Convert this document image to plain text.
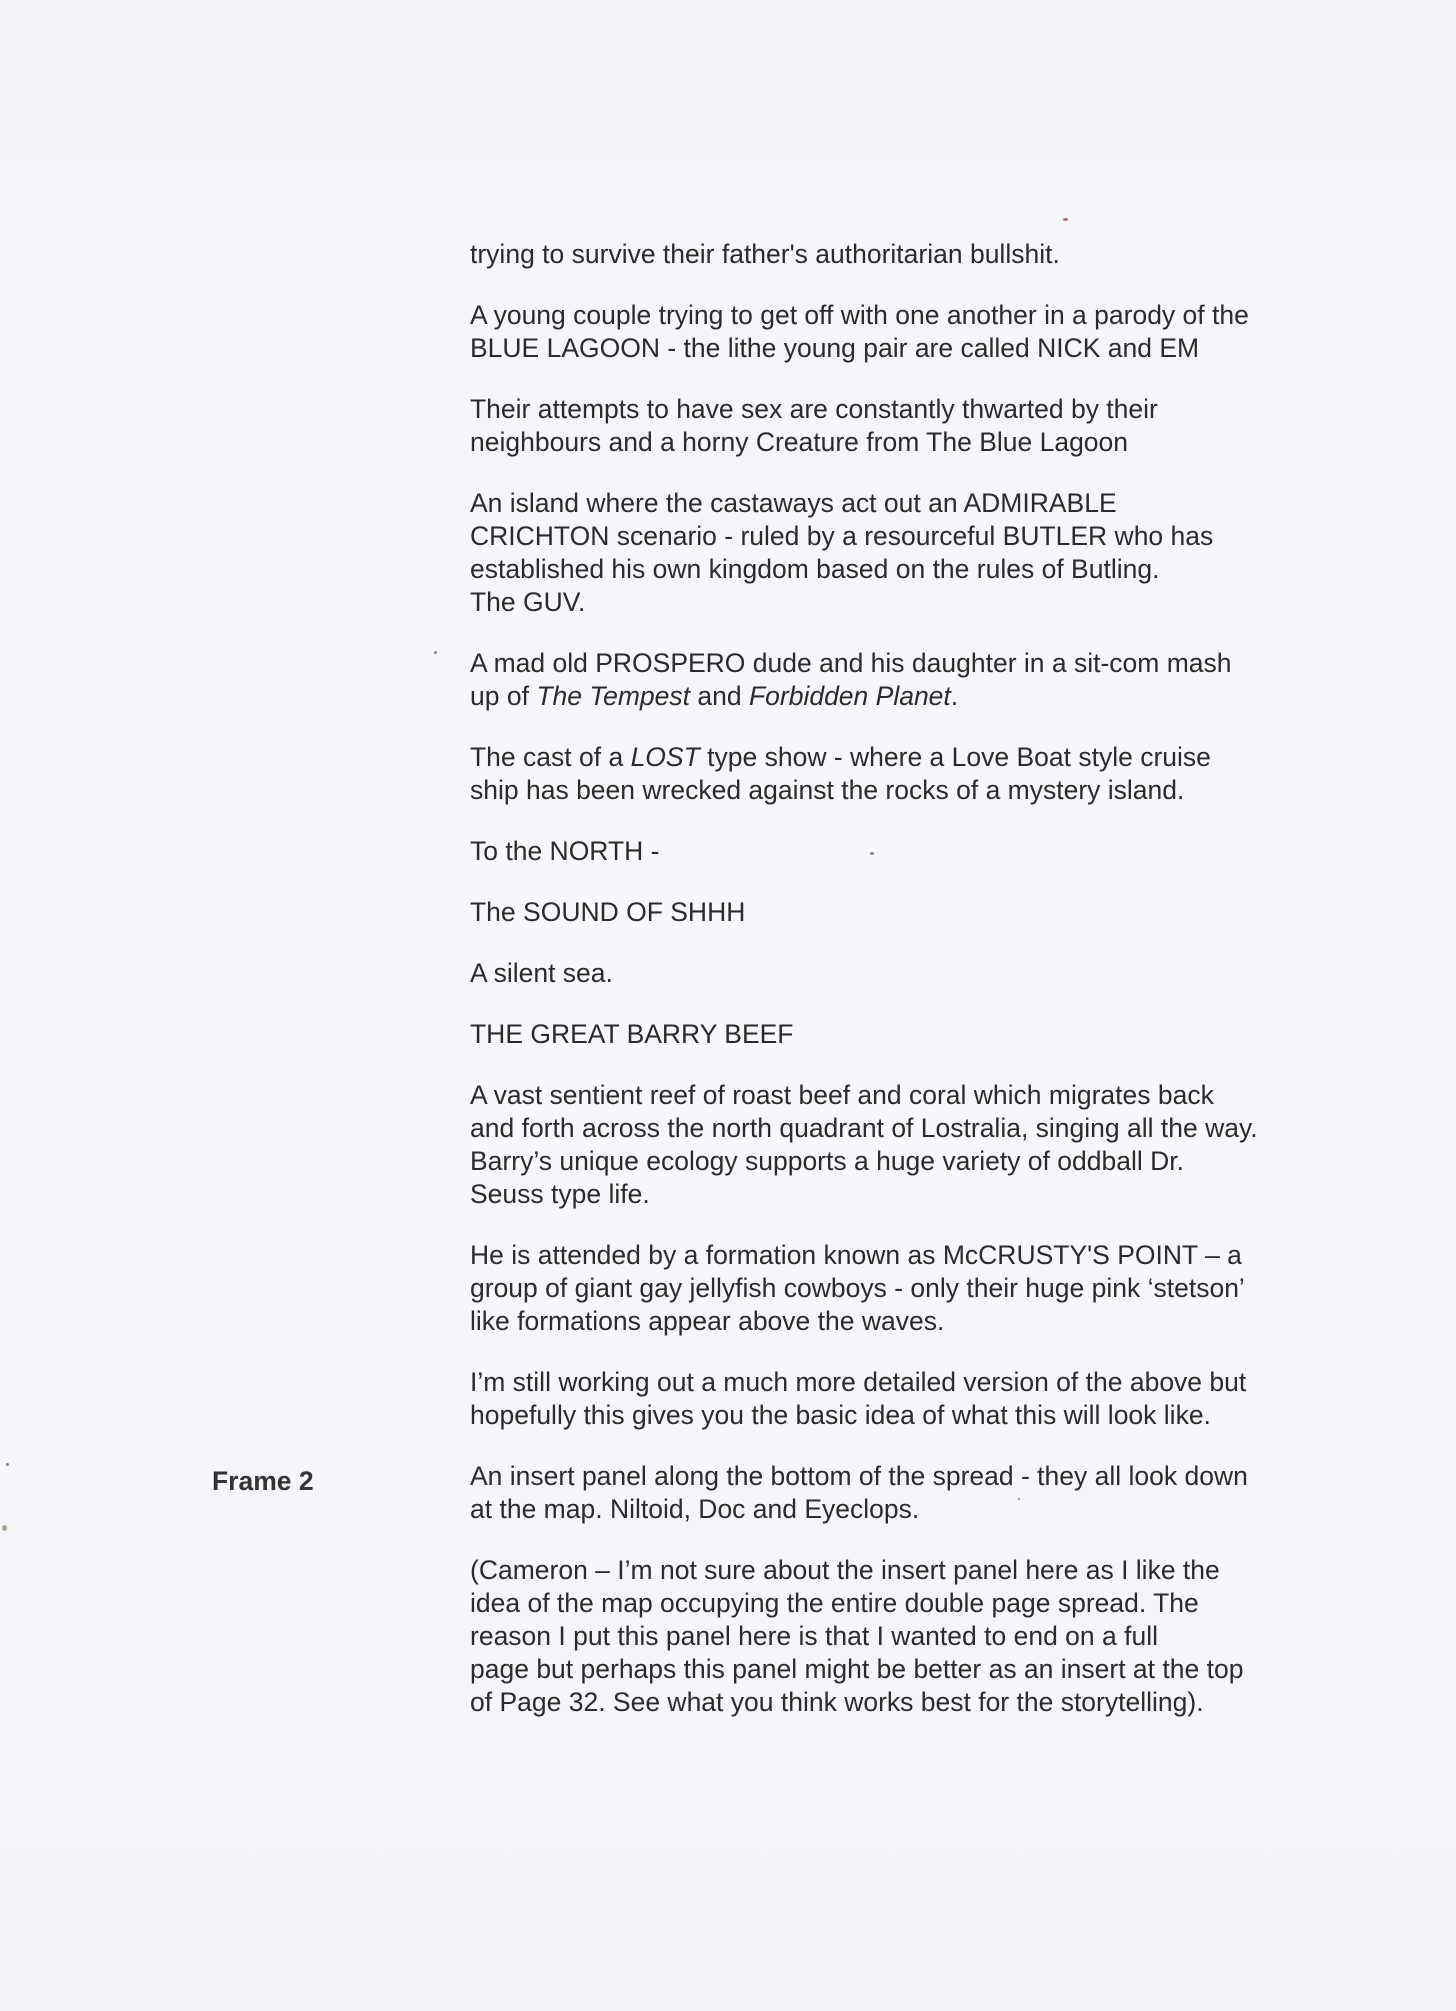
Frame 2

trying to survive their father's authoritarian bullshit.

A young couple trying to get off with one another in a parody of the
BLUE LAGOON - the lithe young pair are called NICK and EM

Their attempts to have sex are constantly thwarted by their
neighbours and a horny Creature from The Blue Lagoon

An island where the castaways act out an ADMIRABLE
CRICHTON scenario - ruled by a resourceful BUTLER who has
established his own kingdom based on the rules of Butling.
The GUV.

A mad old PROSPERO dude and his daughter in a sit-com mash
up of The Tempest and Forbidden Planet.

The cast of a LOST type show - where a Love Boat style cruise
ship has been wrecked against the rocks of a mystery island.

To the NORTH -

The SOUND OF SHHH

A silent sea.

THE GREAT BARRY BEEF

A vast sentient reef of roast beef and coral which migrates back
and forth across the north quadrant of Lostralia, singing all the way.
Barry’s unique ecology supports a huge variety of oddball Dr.
Seuss type life.

He is attended by a formation known as McCRUSTY'S POINT – a
group of giant gay jellyfish cowboys - only their huge pink ‘stetson’
like formations appear above the waves.

I’m still working out a much more detailed version of the above but
hopefully this gives you the basic idea of what this will look like.

An insert panel along the bottom of the spread - they all look down
at the map. Niltoid, Doc and Eyeclops.

(Cameron – I’m not sure about the insert panel here as I like the
idea of the map occupying the entire double page spread. The
reason I put this panel here is that I wanted to end on a full
page but perhaps this panel might be better as an insert at the top
of Page 32. See what you think works best for the storytelling).
